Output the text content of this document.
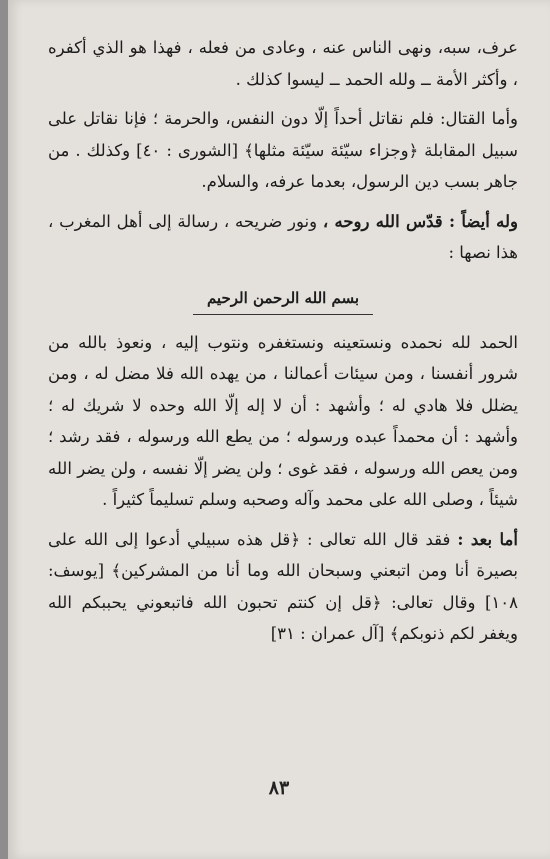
عرف، سبه، ونهى الناس عنه ، وعادى من فعله ، فهذا هو الذي أكفره ، وأكثر الأمة ــ ولله الحمد ــ ليسوا كذلك .

وأما القتال: فلم نقاتل أحداً إلّا دون النفس، والحرمة ؛ فإنا نقاتل على سبيل المقابلة ﴿وجزاء سيّئة سيّئة مثلها﴾ [الشورى : ٤٠] وكذلك . من جاهر بسب دين الرسول، بعدما عرفه، والسلام.

وله أيضاً : قدّس الله روحه ، ونور ضريحه ، رسالة إلى أهل المغرب ، هذا نصها :

بسم الله الرحمن الرحيم

الحمد لله نحمده ونستعينه ونستغفره ونتوب إليه ، ونعوذ بالله من شرور أنفسنا ، ومن سيئات أعمالنا ، من يهده الله فلا مضل له ، ومن يضلل فلا هادي له ؛ وأشهد : أن لا إله إلّا الله وحده لا شريك له ؛ وأشهد : أن محمداً عبده ورسوله ؛ من يطع الله ورسوله ، فقد رشد ؛ ومن يعص الله ورسوله ، فقد غوى ؛ ولن يضر إلّا نفسه ، ولن يضر الله شيئاً ، وصلى الله على محمد وآله وصحبه وسلم تسليماً كثيراً .

أما بعد : فقد قال الله تعالى : ﴿قل هذه سبيلي أدعوا إلى الله على بصيرة أنا ومن اتبعني وسبحان الله وما أنا من المشركين﴾ [يوسف: ١٠٨] وقال تعالى: ﴿قل إن كنتم تحبون الله فاتبعوني يحببكم الله ويغفر لكم ذنوبكم﴾ [آل عمران : ٣١]

٨٣
